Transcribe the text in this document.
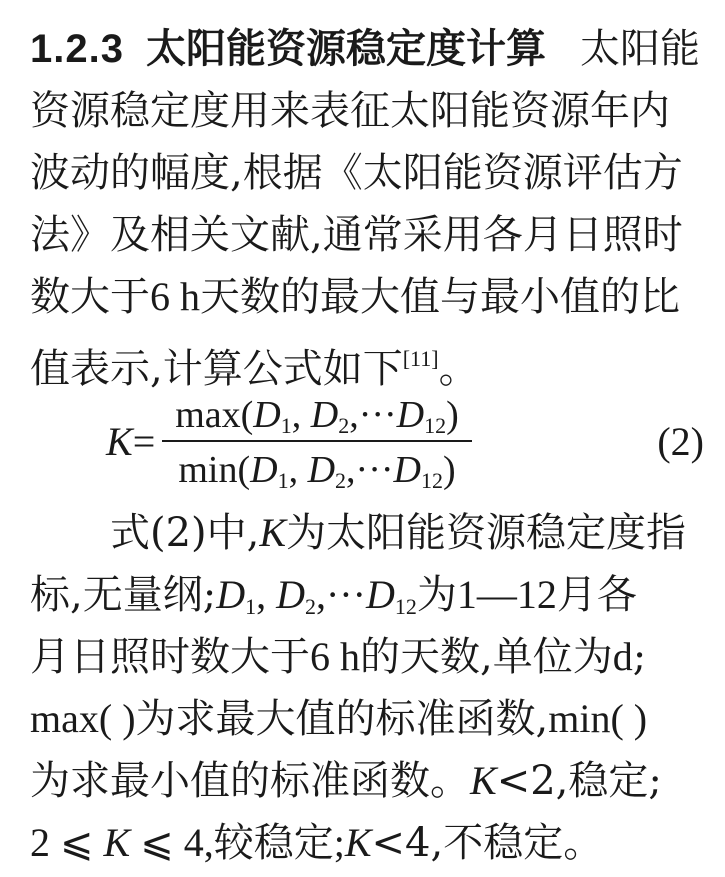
1.2.3 太阳能资源稳定度计算 太阳能
资源稳定度用来表征太阳能资源年内
波动的幅度,根据《太阳能资源评估方
法》及相关文献,通常采用各月日照时
数大于6 h天数的最大值与最小值的比
值表示,计算公式如下[11]。
K=
$\max(D_1$, $D_2,\cdot\cdot\cdot D_{12}$)
$\min(D_1$, $D_2,\cdot\cdot\cdot D_{12}$)
(2)
式(2)中,K为太阳能资源稳定度指
标,无量纲$;D_1$, $D_2,\cdot\cdot\cdot D_{12}$为1—12月各
月日照时数大于6 h的天数,单位为d;
max( )为求最大值的标准函数,min( )
为求最小值的标准函数。K<2,稳定;
2 ⩽ K ⩽ 4,较稳定;K<4,不稳定。
